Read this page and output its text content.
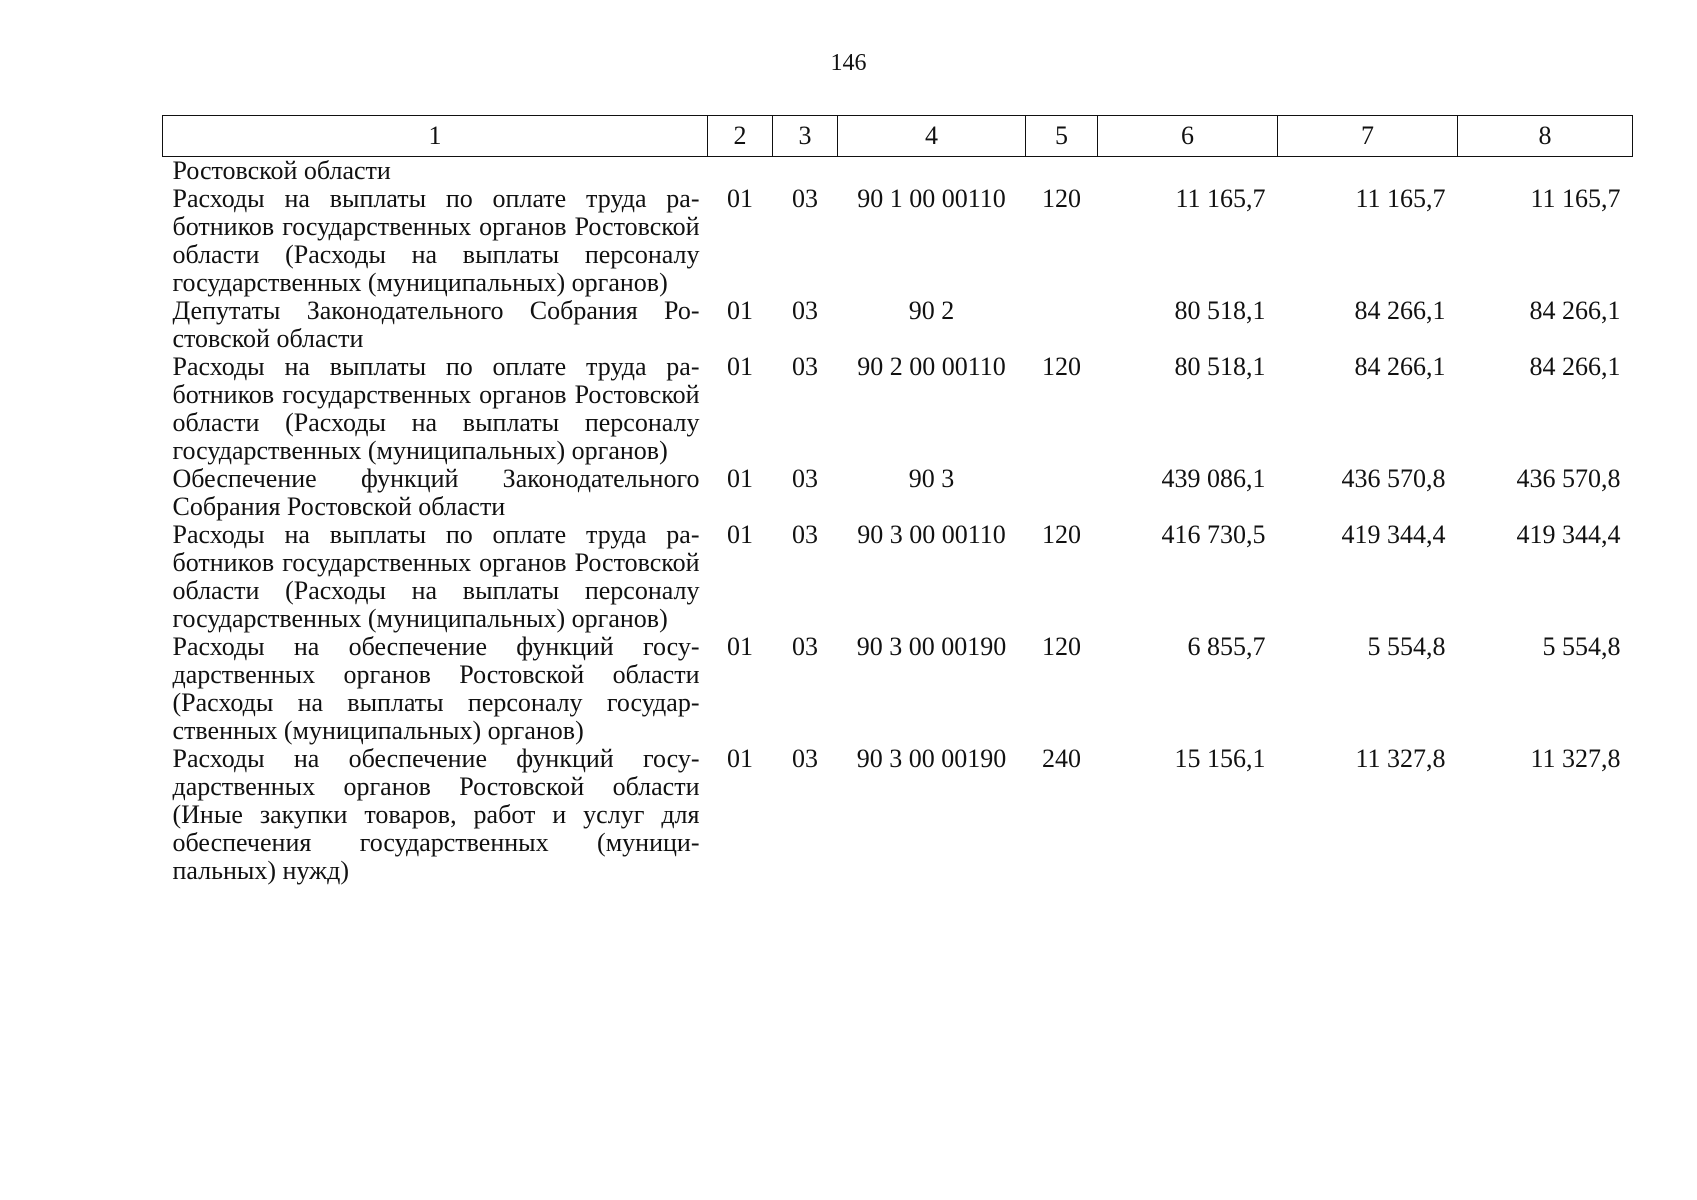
146
1	2	3	4	5	6	7	8
Ростовской области							
Расходы на выплаты по оплате труда работников государственных органов Ростовской области (Расходы на выплаты персоналу государственных (муниципальных) органов)	01	03	90 1 00 00110	120	11 165,7	11 165,7	11 165,7
Депутаты Законодательного Собрания Ростовской области	01	03	90 2		80 518,1	84 266,1	84 266,1
Расходы на выплаты по оплате труда работников государственных органов Ростовской области (Расходы на выплаты персоналу государственных (муниципальных) органов)	01	03	90 2 00 00110	120	80 518,1	84 266,1	84 266,1
Обеспечение функций Законодательного Собрания Ростовской области	01	03	90 3		439 086,1	436 570,8	436 570,8
Расходы на выплаты по оплате труда работников государственных органов Ростовской области (Расходы на выплаты персоналу государственных (муниципальных) органов)	01	03	90 3 00 00110	120	416 730,5	419 344,4	419 344,4
Расходы на обеспечение функций государственных органов Ростовской области (Расходы на выплаты персоналу государственных (муниципальных) органов)	01	03	90 3 00 00190	120	6 855,7	5 554,8	5 554,8
Расходы на обеспечение функций государственных органов Ростовской области (Иные закупки товаров, работ и услуг для обеспечения государственных (муниципальных) нужд)	01	03	90 3 00 00190	240	15 156,1	11 327,8	11 327,8
